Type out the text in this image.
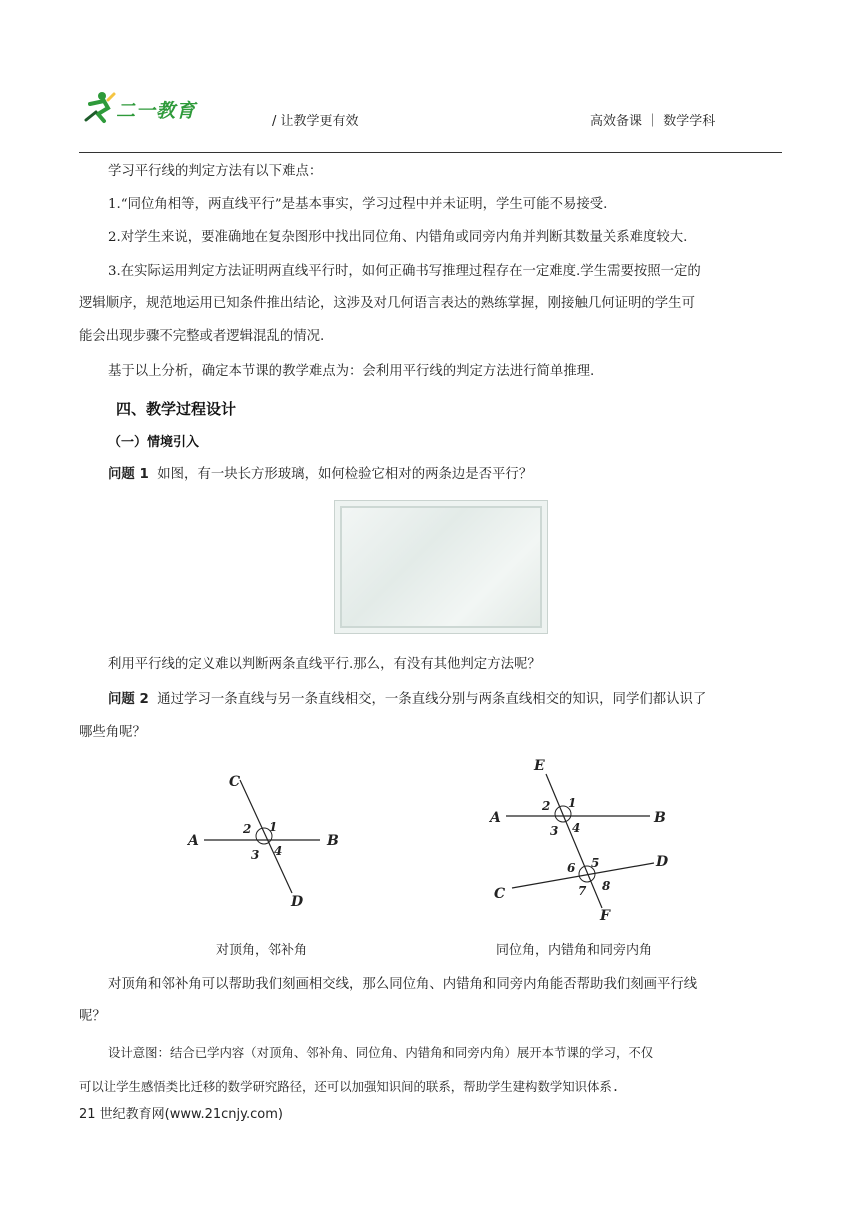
二一教育	/ 让教学更有效	高效备课 ｜ 数学学科
学习平行线的判定方法有以下难点：
1.“同位角相等，两直线平行”是基本事实，学习过程中并未证明，学生可能不易接受.
2.对学生来说，要准确地在复杂图形中找出同位角、内错角或同旁内角并判断其数量关系难度较大.
3.在实际运用判定方法证明两直线平行时，如何正确书写推理过程存在一定难度.学生需要按照一定的
逻辑顺序，规范地运用已知条件推出结论，这涉及对几何语言表达的熟练掌握，刚接触几何证明的学生可
能会出现步骤不完整或者逻辑混乱的情况.
基于以上分析，确定本节课的教学难点为：会利用平行线的判定方法进行简单推理.
四、教学过程设计
（一）情境引入
问题 1 如图，有一块长方形玻璃，如何检验它相对的两条边是否平行？
利用平行线的定义难以判断两条直线平行.那么，有没有其他判定方法呢？
问题 2 通过学习一条直线与另一条直线相交，一条直线分别与两条直线相交的知识，同学们都认识了
哪些角呢？
C
A	B
D
1
2
3 4
对顶角，邻补角
E
A	B
D
C
F
1
2
3 4
5
6
7 8
同位角，内错角和同旁内角
对顶角和邻补角可以帮助我们刻画相交线，那么同位角、内错角和同旁内角能否帮助我们刻画平行线
呢？
设计意图：结合已学内容（对顶角、邻补角、同位角、内错角和同旁内角）展开本节课的学习，不仅
可以让学生感悟类比迁移的数学研究路径，还可以加强知识间的联系，帮助学生建构数学知识体系.
21 世纪教育网(www.21cnjy.com)
